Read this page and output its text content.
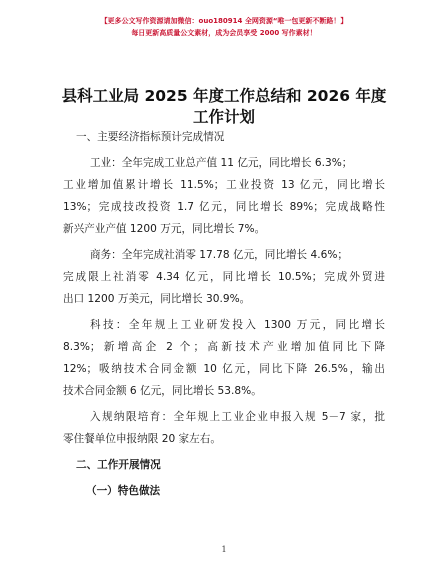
【更多公文写作资源请加微信：ouo180914 全网资源“唯一包更新不断路！】
每日更新高质量公文素材，成为会员享受 2000 写作素材！
县科工业局 2025 年度工作总结和 2026 年度工作计划
一、主要经济指标预计完成情况
工业：全年完成工业总产值 11 亿元，同比增长 6.3%；
工业增加值累计增长 11.5%；工业投资 13 亿元，同比增长
13%；完成技改投资 1.7 亿元，同比增长 89%；完成战略性
新兴产业产值 1200 万元，同比增长 7%。
商务：全年完成社消零 17.78 亿元，同比增长 4.6%；
完成限上社消零 4.34 亿元，同比增长 10.5%；完成外贸进
出口 1200 万美元，同比增长 30.9%。
科技：全年规上工业研发投入 1300 万元，同比增长
8.3%；新增高企 2 个；高新技术产业增加值同比下降
12%；吸纳技术合同金额 10 亿元，同比下降 26.5%，输出
技术合同金额 6 亿元，同比增长 53.8%。
入规纳限培育：全年规上工业企业申报入规 5－7 家，批
零住餐单位申报纳限 20 家左右。
二、工作开展情况
（一）特色做法
1
